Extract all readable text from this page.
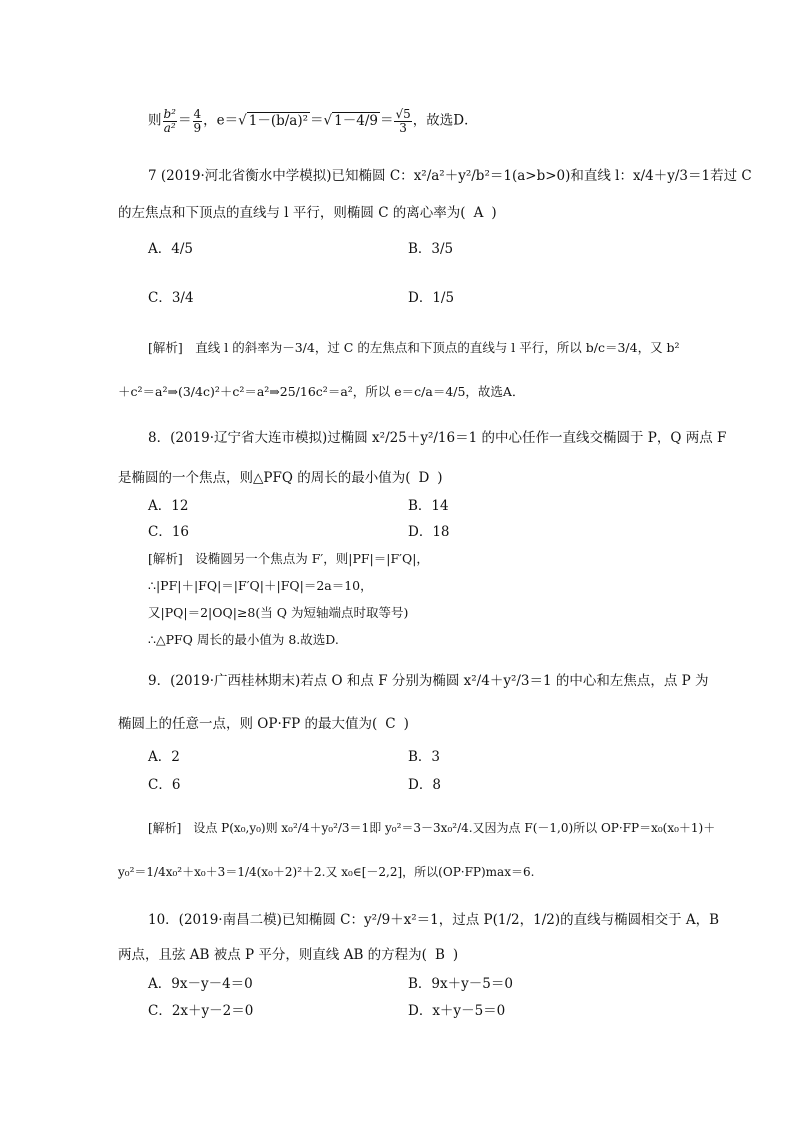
则 $\frac{\text{b²}}{\text{a²}} = \frac{4}{9}$ ，e＝√ 1－(b/a)² ＝√ $1-4/9 = \frac{√5}{3}$ ，故选D．
7 (2019·河北省衡水中学模拟)已知椭圆 C：x²/a²＋y²/b²＝1(a>b>0)和直线 l：x/4＋y/3＝1若过 C
的左焦点和下顶点的直线与 l 平行，则椭圆 C 的离心率为( A )
A．4/5	B．3/5
C．3/4	D．1/5
[解析]　直线 l 的斜率为－3/4，过 C 的左焦点和下顶点的直线与 l 平行，所以 b/c＝3/4，又 b²
＋c²＝a²⇒(3/4c)²＋c²＝a²⇒25/16c²＝a²，所以 e＝c/a＝4/5，故选A．
8．(2019·辽宁省大连市模拟)过椭圆 x²/25＋y²/16＝1 的中心任作一直线交椭圆于 P，Q 两点 F
是椭圆的一个焦点，则△PFQ 的周长的最小值为( D )
A．12	B．14
C．16	D．18
[解析]　设椭圆另一个焦点为 F′，则|PF|＝|F′Q|，
∴|PF|＋|FQ|＝|F′Q|＋|FQ|＝2a＝10，
又|PQ|＝2|OQ|≥8(当 Q 为短轴端点时取等号)
∴△PFQ 周长的最小值为 8.故选D.
9．(2019·广西桂林期末)若点 O 和点 F 分别为椭圆 x²/4＋y²/3＝1 的中心和左焦点，点 P 为
椭圆上的任意一点，则 OP·FP 的最大值为( C )
A．2	B．3
C．6	D．8
[解析]　设点 P(x₀,y₀)则 x₀²/4＋y₀²/3＝1即 y₀²＝3－3x₀²/4.又因为点 F(－1,0)所以 OP·FP＝x₀(x₀＋1)＋
y₀²＝1/4x₀²＋x₀＋3＝1/4(x₀＋2)²＋2.又 x₀∈[－2,2]，所以(OP·FP)max＝6.
10．(2019·南昌二模)已知椭圆 C：y²/9＋x²＝1，过点 P(1/2，1/2)的直线与椭圆相交于 A，B
两点，且弦 AB 被点 P 平分，则直线 AB 的方程为( B )
A．9x－y－4＝0	B．9x＋y－5＝0
C．2x＋y－2＝0	D．x＋y－5＝0
